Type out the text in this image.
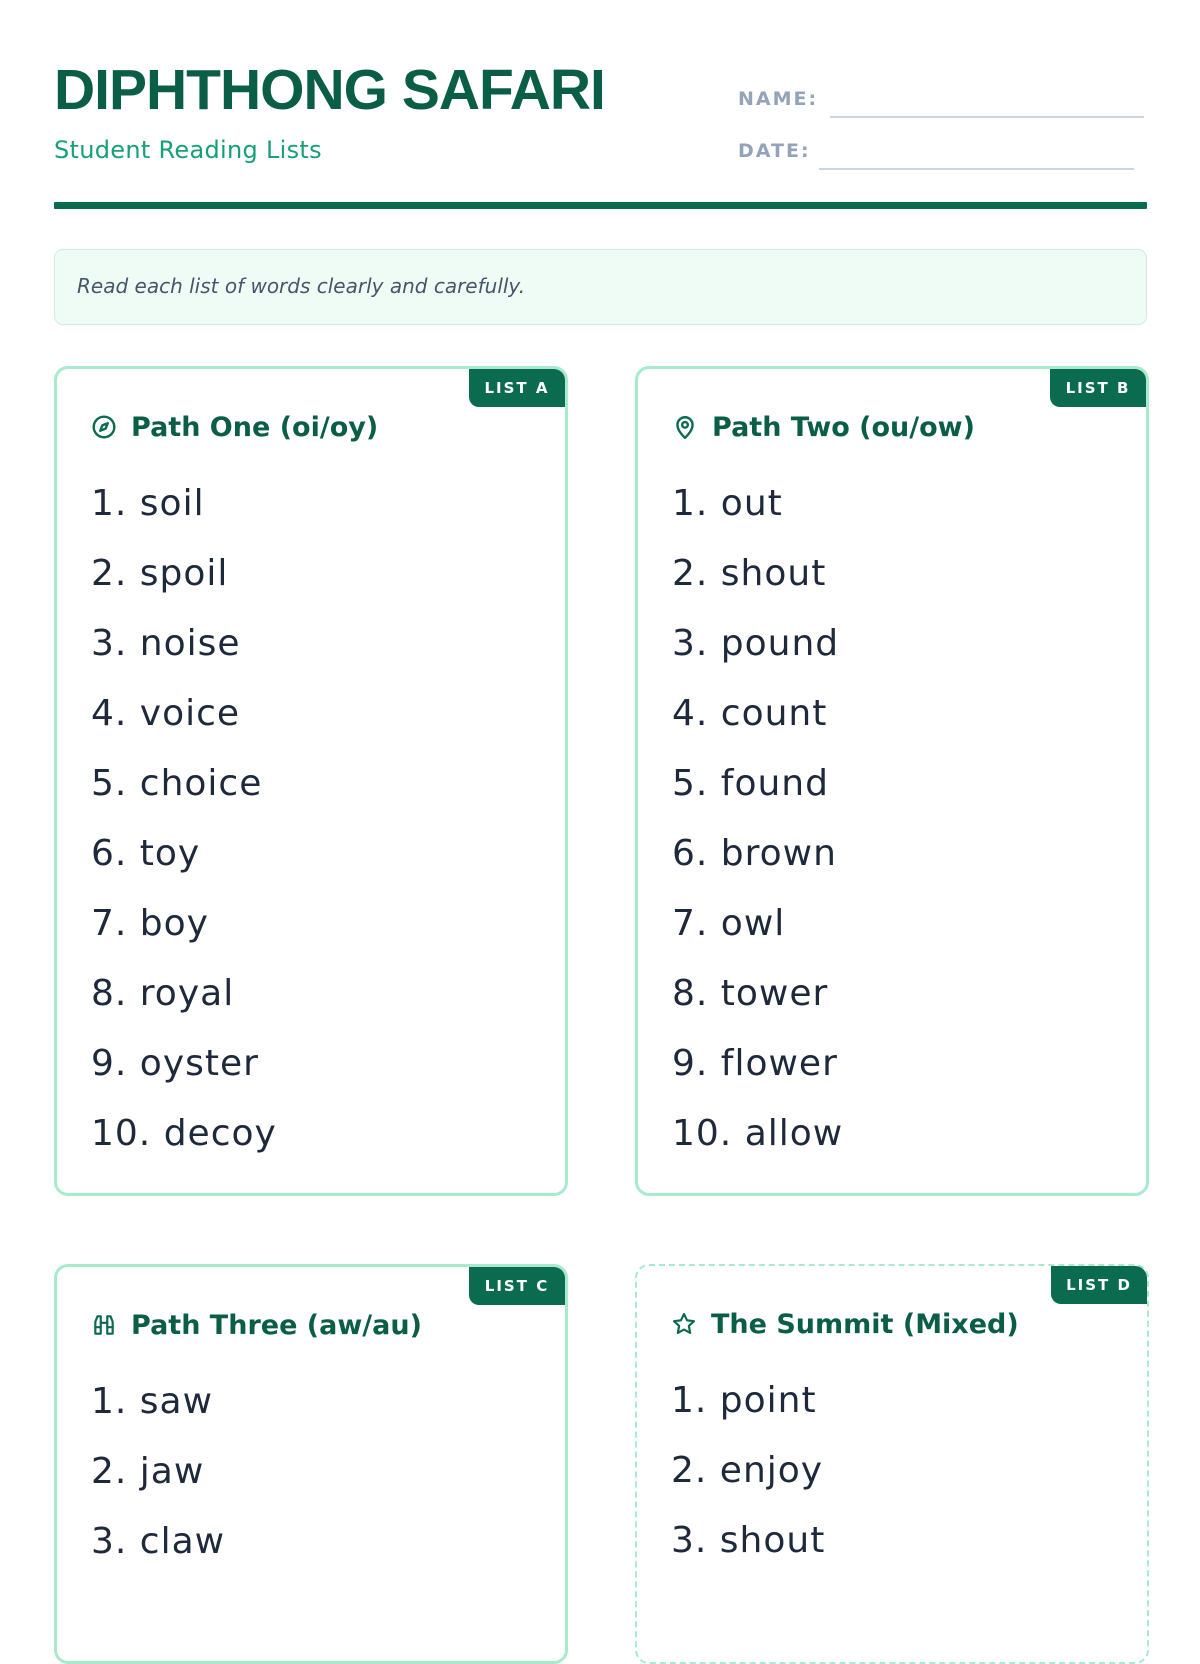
DIPHTHONG SAFARI
Student Reading Lists
NAME:
DATE:
Read each list of words clearly and carefully.
LIST A
Path One (oi/oy)
1. soil
2. spoil
3. noise
4. voice
5. choice
6. toy
7. boy
8. royal
9. oyster
10. decoy
LIST B
Path Two (ou/ow)
1. out
2. shout
3. pound
4. count
5. found
6. brown
7. owl
8. tower
9. flower
10. allow
LIST C
Path Three (aw/au)
1. saw
2. jaw
3. claw
LIST D
The Summit (Mixed)
1. point
2. enjoy
3. shout
